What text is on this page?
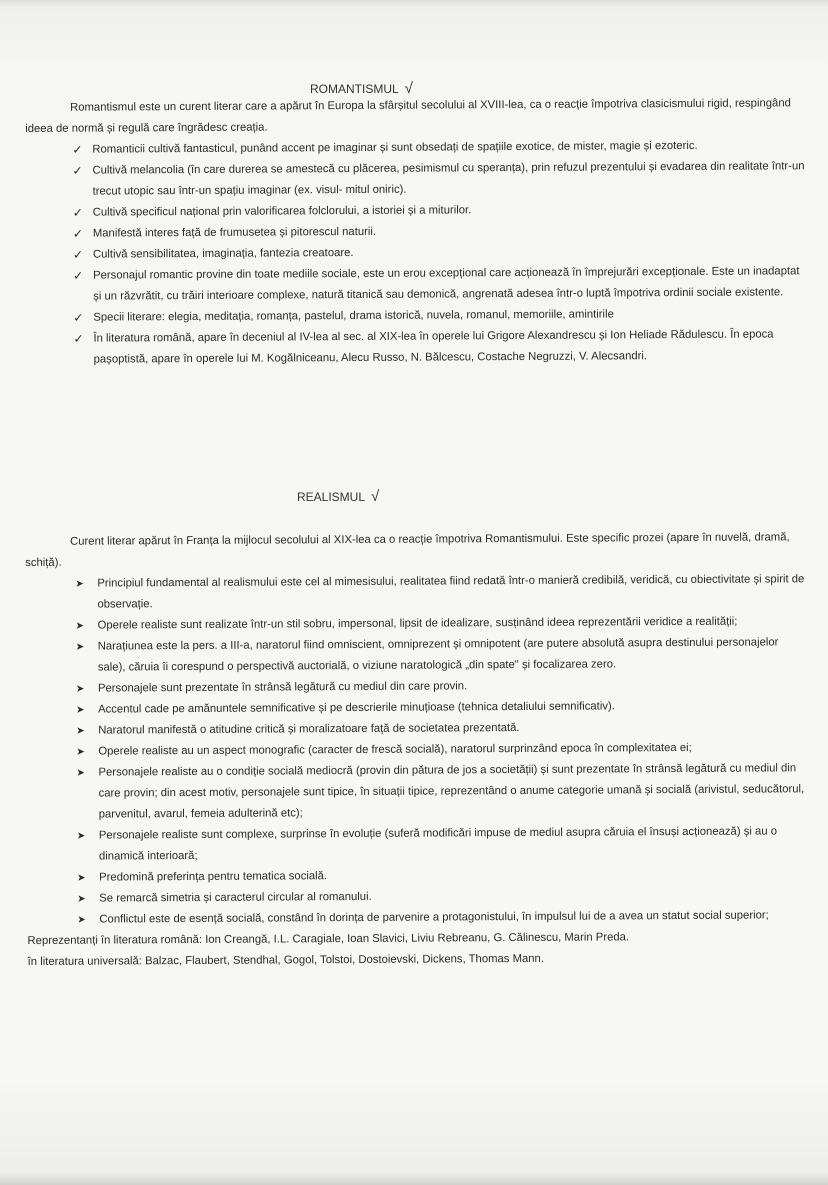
ROMANTISMUL √

Romantismul este un curent literar care a apărut în Europa la sfârșitul secolului al XVIII-lea, ca o reacție împotriva clasicismului rigid, respingând ideea de normă și regulă care îngrădesc creația.

✓ Romanticii cultivă fantasticul, punând accent pe imaginar și sunt obsedați de spațiile exotice, de mister, magie și ezoteric.
✓ Cultivă melancolia (în care durerea se amestecă cu plăcerea, pesimismul cu speranța), prin refuzul prezentului și evadarea din realitate într-un trecut utopic sau într-un spațiu imaginar (ex. visul- mitul oniric).
✓ Cultivă specificul național prin valorificarea folclorului, a istoriei și a miturilor.
✓ Manifestă interes față de frumusetea și pitorescul naturii.
✓ Cultivă sensibilitatea, imaginația, fantezia creatoare.
✓ Personajul romantic provine din toate mediile sociale, este un erou excepțional care acționează în împrejurări excepționale. Este un inadaptat și un răzvrătit, cu trăiri interioare complexe, natură titanică sau demonică, angrenată adesea într-o luptă împotriva ordinii sociale existente.
✓ Specii literare: elegia, meditația, romanța, pastelul, drama istorică, nuvela, romanul, memoriile, amintirile
✓ În literatura română, apare în deceniul al IV-lea al sec. al XIX-lea în operele lui Grigore Alexandrescu și Ion Heliade Rădulescu. În epoca pașoptistă, apare în operele lui M. Kogălniceanu, Alecu Russo, N. Bălcescu, Costache Negruzzi, V. Alecsandri.
REALISMUL √

Curent literar apărut în Franța la mijlocul secolului al XIX-lea ca o reacție împotriva Romantismului. Este specific prozei (apare în nuvelă, dramă, schiță).

➤ Principiul fundamental al realismului este cel al mimesisului, realitatea fiind redată într-o manieră credibilă, veridică, cu obiectivitate și spirit de observație.
➤ Operele realiste sunt realizate într-un stil sobru, impersonal, lipsit de idealizare, susținând ideea reprezentării veridice a realității;
➤ Narațiunea este la pers. a III-a, naratorul fiind omniscient, omniprezent și omnipotent (are putere absolută asupra destinului personajelor sale), căruia îi corespund o perspectivă auctorială, o viziune naratologică „din spate" și focalizarea zero.
➤ Personajele sunt prezentate în strânsă legătură cu mediul din care provin.
➤ Accentul cade pe amănuntele semnificative și pe descrierile minuțioase (tehnica detaliului semnificativ).
➤ Naratorul manifestă o atitudine critică și moralizatoare față de societatea prezentată.
➤ Operele realiste au un aspect monografic (caracter de frescă socială), naratorul surprinzând epoca în complexitatea ei;
➤ Personajele realiste au o condiție socială mediocră (provin din pătura de jos a societății) și sunt prezentate în strânsă legătură cu mediul din care provin; din acest motiv, personajele sunt tipice, în situații tipice, reprezentând o anume categorie umană și socială (arivistul, seducătorul, parvenitul, avarul, femeia adulterină etc);
➤ Personajele realiste sunt complexe, surprinse în evoluție (suferă modificări impuse de mediul asupra căruia el însuși acționează) și au o dinamică interioară;
➤ Predomină preferința pentru tematica socială.
➤ Se remarcă simetria și caracterul circular al romanului.
➤ Conflictul este de esență socială, constând în dorința de parvenire a protagonistului, în impulsul lui de a avea un statut social superior;

Reprezentanți în literatura română: Ion Creangă, I.L. Caragiale, Ioan Slavici, Liviu Rebreanu, G. Călinescu, Marin Preda.

în literatura universală: Balzac, Flaubert, Stendhal, Gogol, Tolstoi, Dostoievski, Dickens, Thomas Mann.
